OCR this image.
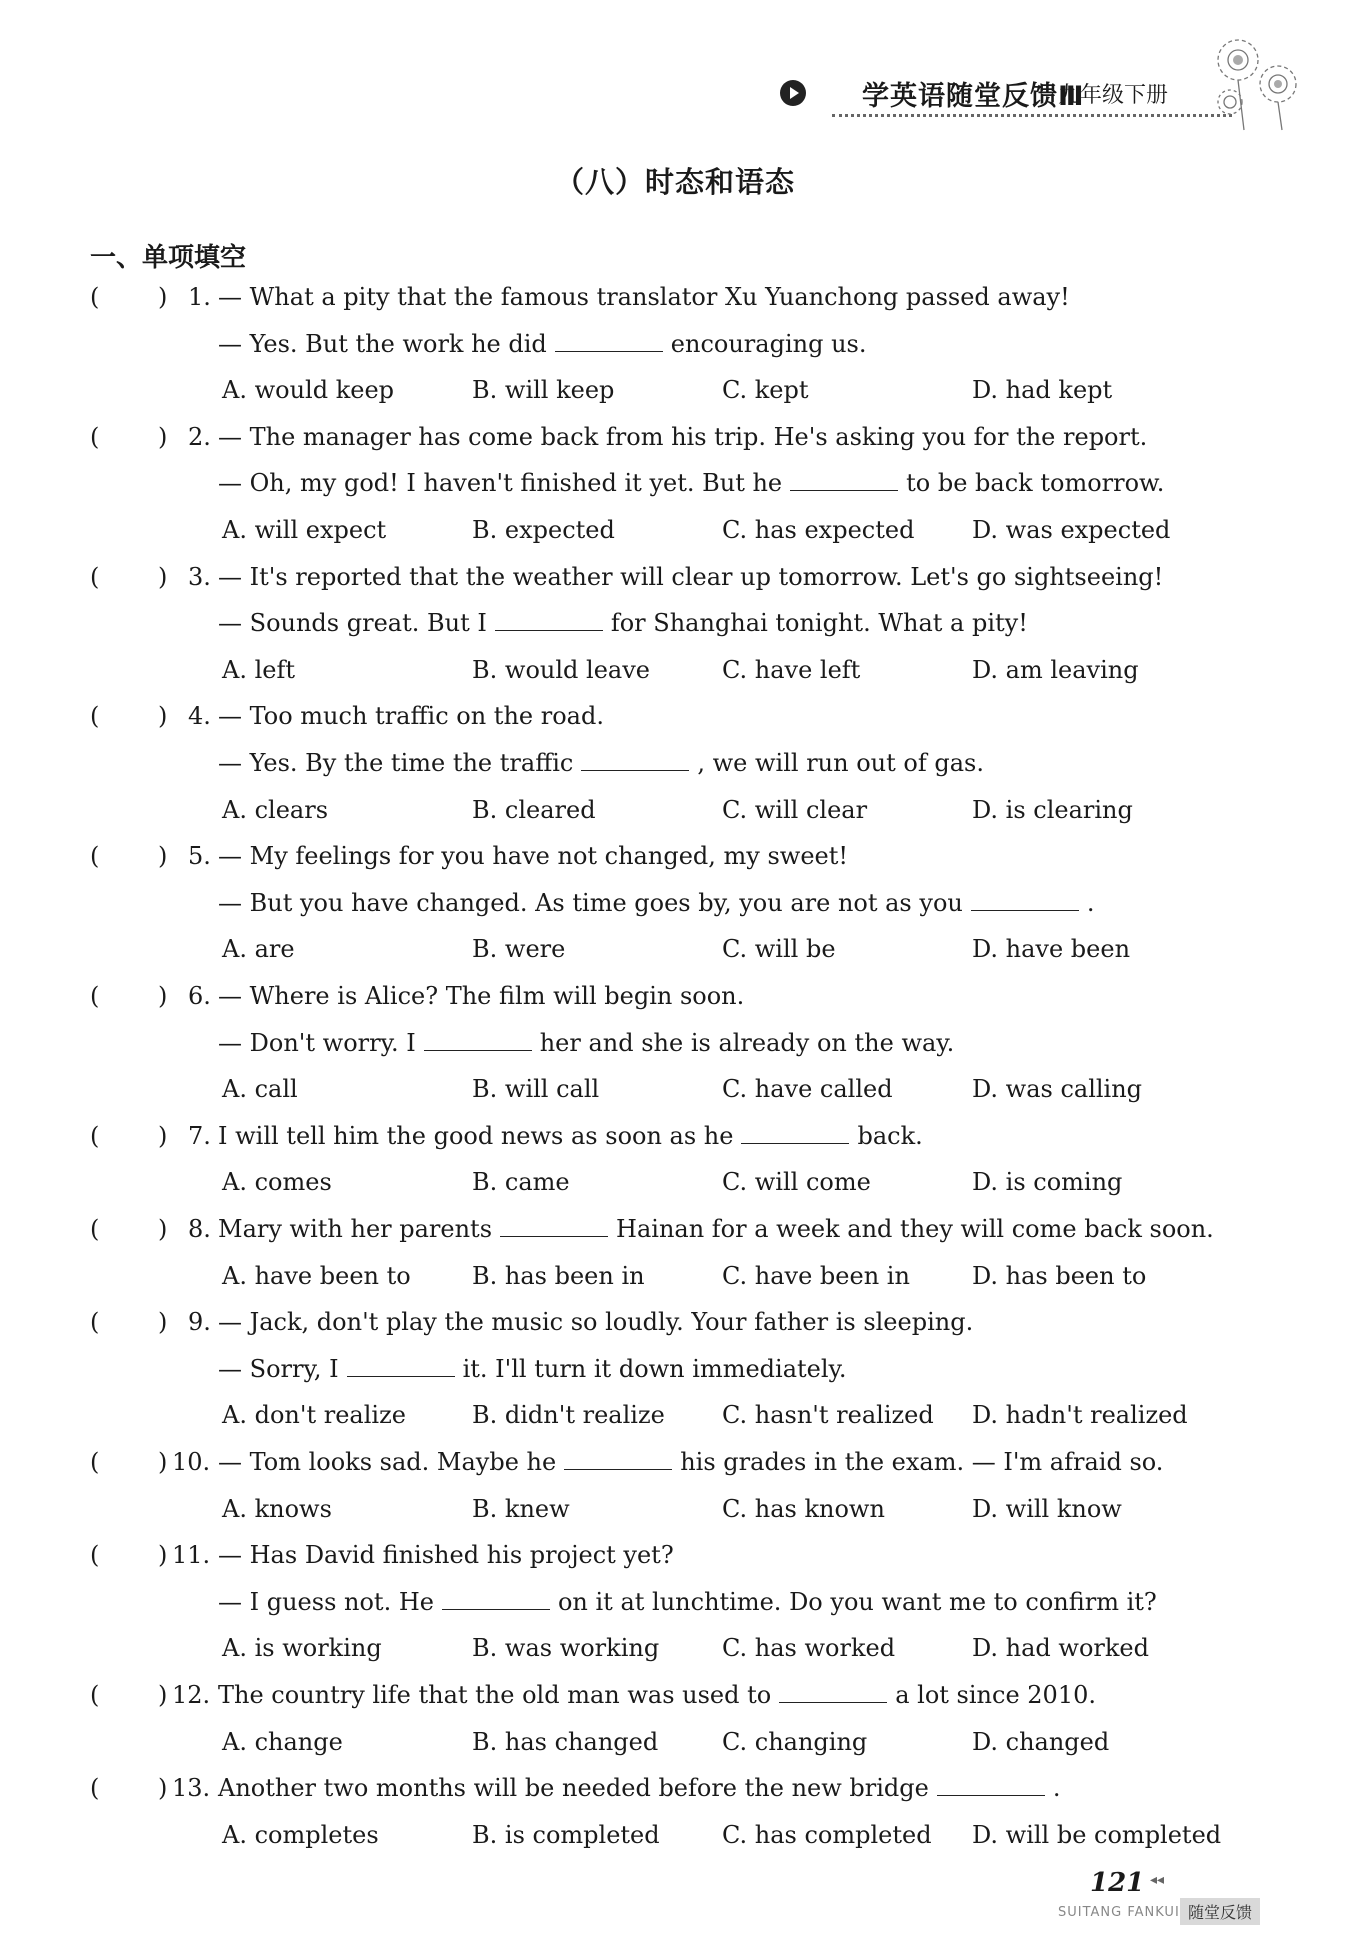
学英语随堂反馈Ⅲ
九年级下册
（八）时态和语态
一、单项填空
( ) 1. — What a pity that the famous translator Xu Yuanchong passed away!
— Yes. But the work he did	encouraging us.
A. would keep	B. will keep	C. kept	D. had kept
( ) 2. — The manager has come back from his trip. He's asking you for the report.
— Oh, my god! I haven't finished it yet. But he	to be back tomorrow.
A. will expect	B. expected	C. has expected D. was expected
( ) 3. — It's reported that the weather will clear up tomorrow. Let's go sightseeing!
— Sounds great. But I	for Shanghai tonight. What a pity!
A. left	B. would leave	C. have left	D. am leaving
( ) 4. — Too much traffic on the road.
— Yes. By the time the traffic	, we will run out of gas.
A. clears	B. cleared	C. will clear	D. is clearing
( ) 5. — My feelings for you have not changed, my sweet!
— But you have changed. As time goes by, you are not as you	.
A. are	B. were	C. will be	D. have been
( ) 6. — Where is Alice? The film will begin soon.
— Don't worry. I	her and she is already on the way.
A. call	B. will call	C. have called	D. was calling
( ) 7. I will tell him the good news as soon as he	back.
A. comes	B. came	C. will come	D. is coming
( ) 8. Mary with her parents	Hainan for a week and they will come back soon.
A. have been to	B. has been in	C. have been in	D. has been to
( ) 9. — Jack, don't play the music so loudly. Your father is sleeping.
— Sorry, I	it. I'll turn it down immediately.
A. don't realize	B. didn't realize C. hasn't realized D. hadn't realized
( ) 10. — Tom looks sad. Maybe he	his grades in the exam. — I'm afraid so.
A. knows	B. knew	C. has known	D. will know
( ) 11. — Has David finished his project yet?
— I guess not. He	on it at lunchtime. Do you want me to confirm it?
A. is working	B. was working	C. has worked	D. had worked
( ) 12. The country life that the old man was used to	a lot since 2010.
A. change	B. has changed	C. changing	D. changed
( ) 13. Another two months will be needed before the new bridge	.
A. completes	B. is completed	C. has completed D. will be completed
121 ◂◂
SUITANG FANKUI 随堂反馈
